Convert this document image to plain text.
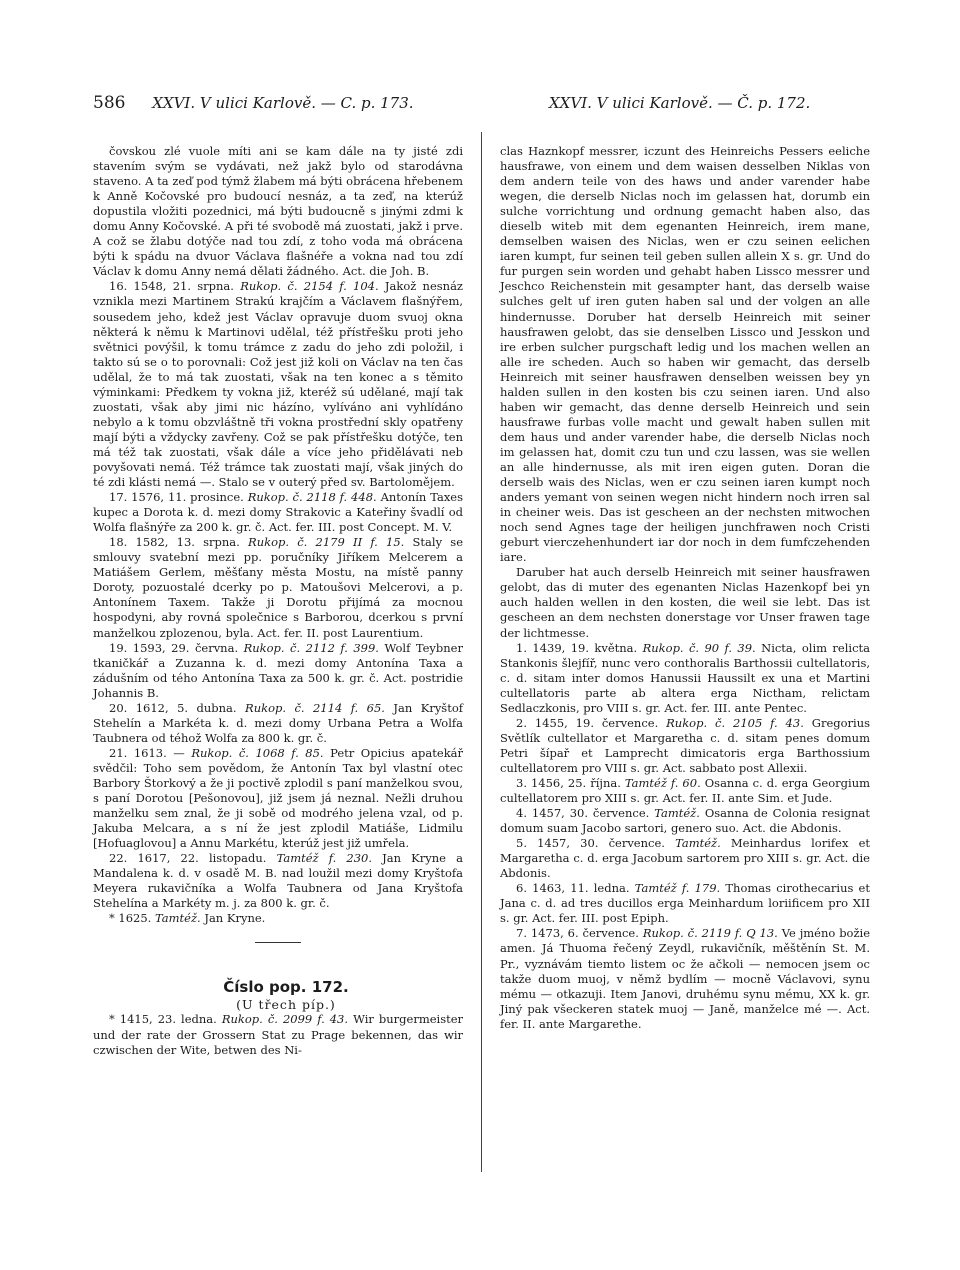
586 XXVI. V ulici Karlově. — C. p. 173.	XXVI. V ulici Karlově. — Č. p. 172.

čovskou zlé vuole míti ani se kam dále na ty jisté zdi stavením svým se vydávati, než jakž bylo od starodávna staveno. A ta zeď pod týmž žlabem má býti obrácena hřebenem k Anně Kočovské pro budoucí nesnáz, a ta zeď, na kterúž dopustila vložiti pozednici, má býti budoucně s jinými zdmi k domu Anny Kočovské. A při té svobodě má zuostati, jakž i prve. A což se žlabu dotýče nad tou zdí, z toho voda má obrácena býti k spádu na dvuor Václava flašnéře a vokna nad tou zdí Václav k domu Anny nemá dělati žádného. Act. die Joh. B.

16. 1548, 21. srpna. Rukop. č. 2154 f. 104. Jakož nesnáz vznikla mezi Martinem Strakú krajčím a Václavem flašnýřem, sousedem jeho, kdež jest Václav opravuje duom svuoj okna některá k němu k Martinovi udělal, též přístřešku proti jeho světnici povýšil, k tomu trámce z zadu do jeho zdi položil, i takto sú se o to porovnali: Což jest již koli on Václav na ten čas udělal, že to má tak zuostati, však na ten konec a s těmito výminkami: Předkem ty vokna již, kteréž sú udělané, mají tak zuostati, však aby jimi nic házíno, vylíváno ani vyhlídáno nebylo a k tomu obzvláštně tři vokna prostřední skly opatřeny mají býti a vždycky zavřeny. Což se pak přístřešku dotýče, ten má též tak zuostati, však dále a více jeho přidělávati neb povyšovati nemá. Též trámce tak zuostati mají, však jiných do té zdi klásti nemá —. Stalo se v outerý před sv. Bartolomějem.

17. 1576, 11. prosince. Rukop. č. 2118 f. 448. Antonín Taxes kupec a Dorota k. d. mezi domy Strakovic a Kateřiny švadlí od Wolfa flašnýře za 200 k. gr. č. Act. fer. III. post Concept. M. V.

18. 1582, 13. srpna. Rukop. č. 2179 II f. 15. Staly se smlouvy svatební mezi pp. poručníky Jiříkem Melcerem a Matiášem Gerlem, měšťany města Mostu, na místě panny Doroty, pozuostalé dcerky po p. Matoušovi Melcerovi, a p. Antonínem Taxem. Takže ji Dorotu přijímá za mocnou hospodyni, aby rovná společnice s Barborou, dcerkou s první manželkou zplozenou, byla. Act. fer. II. post Laurentium.

19. 1593, 29. června. Rukop. č. 2112 f. 399. Wolf Teybner tkaničkář a Zuzanna k. d. mezi domy Antonína Taxa a zádušním od tého Antonína Taxa za 500 k. gr. č. Act. postridie Johannis B.

20. 1612, 5. dubna. Rukop. č. 2114 f. 65. Jan Kryštof Stehelín a Markéta k. d. mezi domy Urbana Petra a Wolfa Taubnera od téhož Wolfa za 800 k. gr. č.

21. 1613. — Rukop. č. 1068 f. 85. Petr Opicius apatekář svědčil: Toho sem povědom, že Antonín Tax byl vlastní otec Barbory Štorkový a že ji poctivě zplodil s paní manželkou svou, s paní Dorotou [Pešonovou], již jsem já neznal. Nežli druhou manželku sem znal, že ji sobě od modrého jelena vzal, od p. Jakuba Melcara, a s ní že jest zplodil Matiáše, Lidmilu [Hofuaglovou] a Annu Markétu, kterúž jest již umřela.

22. 1617, 22. listopadu. Tamtéž f. 230. Jan Kryne a Mandalena k. d. v osadě M. B. nad loužil mezi domy Kryštofa Meyera rukavičníka a Wolfa Taubnera od Jana Kryštofa Stehelína a Markéty m. j. za 800 k. gr. č.

* 1625. Tamtéž. Jan Kryne.

Číslo pop. 172.

(U třech píp.)

* 1415, 23. ledna. Rukop. č. 2099 f. 43. Wir burgermeister und der rate der Grossern Stat zu Prage bekennen, das wir czwischen der Wite, betwen des Ni-

clas Haznkopf messrer, iczunt des Heinreichs Pessers eeliche hausfrawe, von einem und dem waisen desselben Niklas von dem andern teile von des haws und ander varender habe wegen, die derselb Niclas noch im gelassen hat, dorumb ein sulche vorrichtung und ordnung gemacht haben also, das dieselb witeb mit dem egenanten Heinreich, irem mane, demselben waisen des Niclas, wen er czu seinen eelichen iaren kumpt, fur seinen teil geben sullen allein X s. gr. Und do fur purgen sein worden und gehabt haben Lissco messrer und Jeschco Reichenstein mit gesampter hant, das derselb waise sulches gelt uf iren guten haben sal und der volgen an alle hindernusse. Doruber hat derselb Heinreich mit seiner hausfrawen gelobt, das sie denselben Lissco und Jesskon und ire erben sulcher purgschaft ledig und los machen wellen an alle ire scheden. Auch so haben wir gemacht, das derselb Heinreich mit seiner hausfrawen denselben weissen bey yn halden sullen in den kosten bis czu seinen iaren. Und also haben wir gemacht, das denne derselb Heinreich und sein hausfrawe furbas volle macht und gewalt haben sullen mit dem haus und ander varender habe, die derselb Niclas noch im gelassen hat, domit czu tun und czu lassen, was sie wellen an alle hindernusse, als mit iren eigen guten. Doran die derselb wais des Niclas, wen er czu seinen iaren kumpt noch anders yemant von seinen wegen nicht hindern noch irren sal in cheiner weis. Das ist gescheen an der nechsten mitwochen noch send Agnes tage der heiligen junchfrawen noch Cristi geburt vierczehenhundert iar dor noch in dem fumfczehenden iare.

Daruber hat auch derselb Heinreich mit seiner hausfrawen gelobt, das di muter des egenanten Niclas Hazenkopf bei yn auch halden wellen in den kosten, die weil sie lebt. Das ist gescheen an dem nechsten donerstage vor Unser frawen tage der lichtmesse.

1. 1439, 19. května. Rukop. č. 90 f. 39. Nicta, olim relicta Stankonis šlejfíř, nunc vero conthoralis Barthossii cultellatoris, c. d. sitam inter domos Hanussii Haussilt ex una et Martini cultellatoris parte ab altera erga Nictham, relictam Sedlaczkonis, pro VIII s. gr. Act. fer. III. ante Pentec.

2. 1455, 19. července. Rukop. č. 2105 f. 43. Gregorius Světlík cultellator et Margaretha c. d. sitam penes domum Petri šípař et Lamprecht dimicatoris erga Barthossium cultellatorem pro VIII s. gr. Act. sabbato post Allexii.

3. 1456, 25. října. Tamtéž f. 60. Osanna c. d. erga Georgium cultellatorem pro XIII s. gr. Act. fer. II. ante Sim. et Jude.

4. 1457, 30. července. Tamtéž. Osanna de Colonia resignat domum suam Jacobo sartori, genero suo. Act. die Abdonis.

5. 1457, 30. července. Tamtéž. Meinhardus lorifex et Margaretha c. d. erga Jacobum sartorem pro XIII s. gr. Act. die Abdonis.

6. 1463, 11. ledna. Tamtéž f. 179. Thomas cirothecarius et Jana c. d. ad tres ducillos erga Meinhardum loriificem pro XII s. gr. Act. fer. III. post Epiph.

7. 1473, 6. července. Rukop. č. 2119 f. Q 13. Ve jméno božie amen. Já Thuoma řečený Zeydl, rukavičník, měštěnín St. M. Pr., vyznávám tiemto listem oc že ačkoli — nemocen jsem oc takže duom muoj, v němž bydlím — mocně Václavovi, synu mému — otkazuji. Item Janovi, druhému synu mému, XX k. gr. Jiný pak všeckeren statek muoj — Janě, manželce mé —. Act. fer. II. ante Margarethe.
